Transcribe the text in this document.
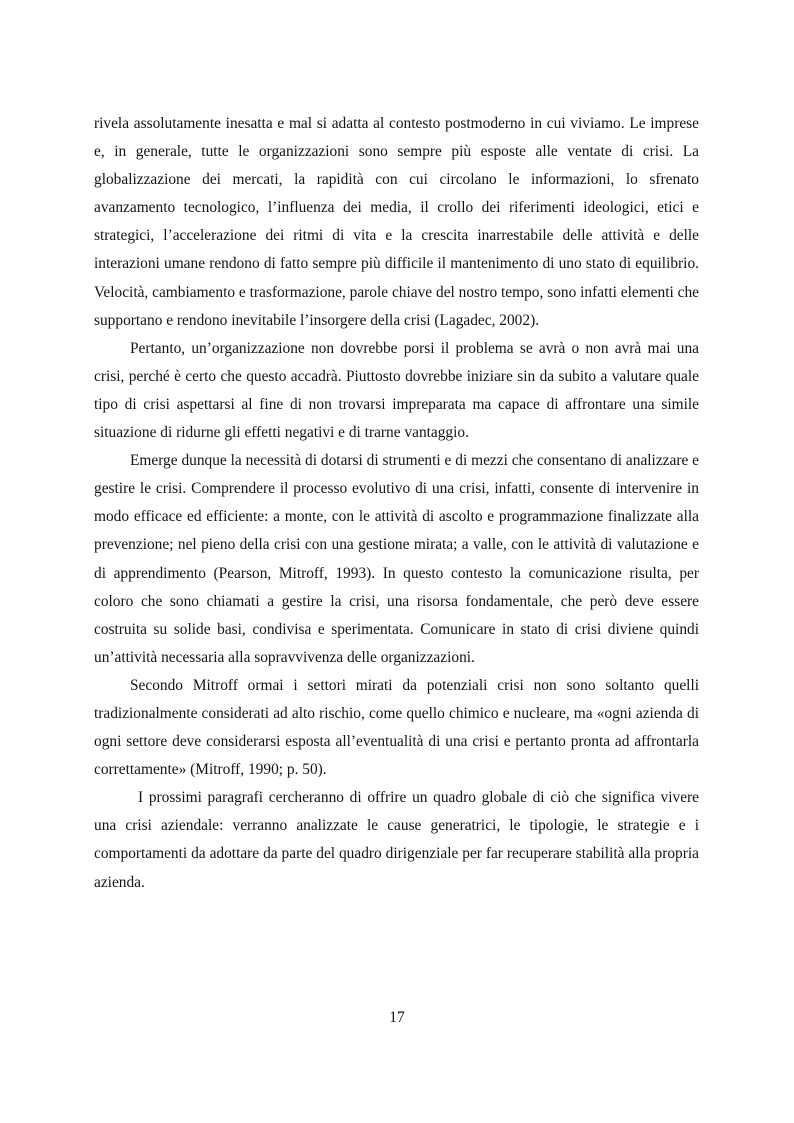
rivela assolutamente inesatta e mal si adatta al contesto postmoderno in cui viviamo. Le imprese e, in generale, tutte le organizzazioni sono sempre più esposte alle ventate di crisi. La globalizzazione dei mercati, la rapidità con cui circolano le informazioni, lo sfrenato avanzamento tecnologico, l’influenza dei media, il crollo dei riferimenti ideologici, etici e strategici, l’accelerazione dei ritmi di vita e la crescita inarrestabile delle attività e delle interazioni umane rendono di fatto sempre più difficile il mantenimento di uno stato di equilibrio. Velocità, cambiamento e trasformazione, parole chiave del nostro tempo, sono infatti elementi che supportano e rendono inevitabile l’insorgere della crisi (Lagadec, 2002).

Pertanto, un’organizzazione non dovrebbe porsi il problema se avrà o non avrà mai una crisi, perché è certo che questo accadrà. Piuttosto dovrebbe iniziare sin da subito a valutare quale tipo di crisi aspettarsi al fine di non trovarsi impreparata ma capace di affrontare una simile situazione di ridurne gli effetti negativi e di trarne vantaggio.

Emerge dunque la necessità di dotarsi di strumenti e di mezzi che consentano di analizzare e gestire le crisi. Comprendere il processo evolutivo di una crisi, infatti, consente di intervenire in modo efficace ed efficiente: a monte, con le attività di ascolto e programmazione finalizzate alla prevenzione; nel pieno della crisi con una gestione mirata; a valle, con le attività di valutazione e di apprendimento (Pearson, Mitroff, 1993). In questo contesto la comunicazione risulta, per coloro che sono chiamati a gestire la crisi, una risorsa fondamentale, che però deve essere costruita su solide basi, condivisa e sperimentata. Comunicare in stato di crisi diviene quindi un’attività necessaria alla sopravvivenza delle organizzazioni.

Secondo Mitroff ormai i settori mirati da potenziali crisi non sono soltanto quelli tradizionalmente considerati ad alto rischio, come quello chimico e nucleare, ma «ogni azienda di ogni settore deve considerarsi esposta all’eventualità di una crisi e pertanto pronta ad affrontarla correttamente» (Mitroff, 1990; p. 50).

I prossimi paragrafi cercheranno di offrire un quadro globale di ciò che significa vivere una crisi aziendale: verranno analizzate le cause generatrici, le tipologie, le strategie e i comportamenti da adottare da parte del quadro dirigenziale per far recuperare stabilità alla propria azienda.

17
